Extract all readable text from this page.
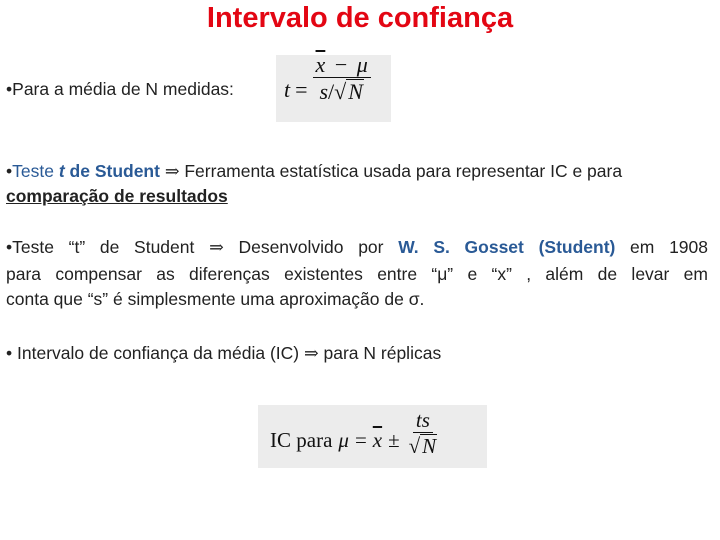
Intervalo de confiança
•Para a média de N medidas: $t = \frac{\overline{x} - \mu}{s/√N}$
•Teste t de Student ⇒ Ferramenta estatística usada para representar IC e para
comparação de resultados
•Teste “t” de Student ⇒ Desenvolvido por W. S. Gosset (Student) em 1908
para compensar as diferenças existentes entre “μ” e “x” , além de levar em
conta que “s” é simplesmente uma aproximação de σ.
• Intervalo de confiança da média (IC) ⇒ para N réplicas
IC para $\mu = \overline{x} \pm \frac{ts}{√N}$
